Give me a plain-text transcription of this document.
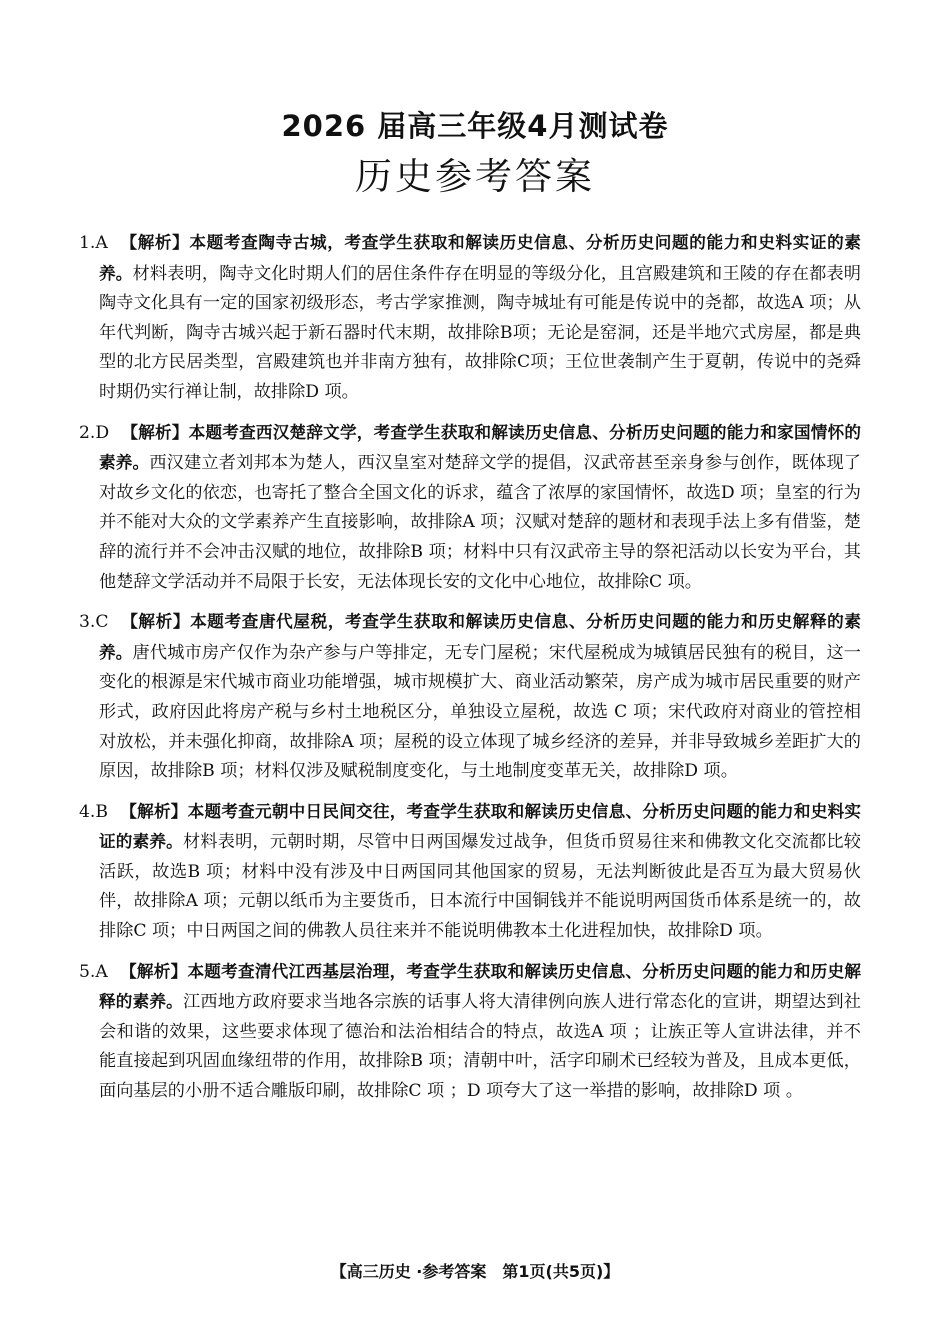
2026 届高三年级4月测试卷
历史参考答案
1.A 【解析】本题考查陶寺古城，考查学生获取和解读历史信息、分析历史问题的能力和史料实证的素养。材料表明，陶寺文化时期人们的居住条件存在明显的等级分化，且宫殿建筑和王陵的存在都表明陶寺文化具有一定的国家初级形态，考古学家推测，陶寺城址有可能是传说中的尧都，故选A 项；从年代判断，陶寺古城兴起于新石器时代末期，故排除B项；无论是窑洞，还是半地穴式房屋，都是典型的北方民居类型，宫殿建筑也并非南方独有，故排除C项；王位世袭制产生于夏朝，传说中的尧舜时期仍实行禅让制，故排除D 项。
2.D 【解析】本题考查西汉楚辞文学，考查学生获取和解读历史信息、分析历史问题的能力和家国情怀的素养。西汉建立者刘邦本为楚人，西汉皇室对楚辞文学的提倡，汉武帝甚至亲身参与创作，既体现了对故乡文化的依恋，也寄托了整合全国文化的诉求，蕴含了浓厚的家国情怀，故选D 项；皇室的行为并不能对大众的文学素养产生直接影响，故排除A 项；汉赋对楚辞的题材和表现手法上多有借鉴，楚辞的流行并不会冲击汉赋的地位，故排除B 项；材料中只有汉武帝主导的祭祀活动以长安为平台，其他楚辞文学活动并不局限于长安，无法体现长安的文化中心地位，故排除C 项。
3.C 【解析】本题考查唐代屋税，考查学生获取和解读历史信息、分析历史问题的能力和历史解释的素养。唐代城市房产仅作为杂产参与户等排定，无专门屋税；宋代屋税成为城镇居民独有的税目，这一变化的根源是宋代城市商业功能增强，城市规模扩大、商业活动繁荣，房产成为城市居民重要的财产形式，政府因此将房产税与乡村土地税区分，单独设立屋税，故选 C 项；宋代政府对商业的管控相对放松，并未强化抑商，故排除A 项；屋税的设立体现了城乡经济的差异，并非导致城乡差距扩大的原因，故排除B 项；材料仅涉及赋税制度变化，与土地制度变革无关，故排除D 项。
4.B 【解析】本题考查元朝中日民间交往，考查学生获取和解读历史信息、分析历史问题的能力和史料实证的素养。材料表明，元朝时期，尽管中日两国爆发过战争，但货币贸易往来和佛教文化交流都比较活跃，故选B 项；材料中没有涉及中日两国同其他国家的贸易，无法判断彼此是否互为最大贸易伙伴，故排除A 项；元朝以纸币为主要货币，日本流行中国铜钱并不能说明两国货币体系是统一的，故排除C 项；中日两国之间的佛教人员往来并不能说明佛教本土化进程加快，故排除D 项。
5.A 【解析】本题考查清代江西基层治理，考查学生获取和解读历史信息、分析历史问题的能力和历史解释的素养。江西地方政府要求当地各宗族的话事人将大清律例向族人进行常态化的宣讲，期望达到社会和谐的效果，这些要求体现了德治和法治相结合的特点，故选A 项 ；让族正等人宣讲法律，并不能直接起到巩固血缘纽带的作用，故排除B 项；清朝中叶，活字印刷术已经较为普及，且成本更低，面向基层的小册不适合雕版印刷，故排除C 项 ；D 项夸大了这一举措的影响，故排除D 项 。
【高三历史 ·参考答案　第1页(共5页)】
